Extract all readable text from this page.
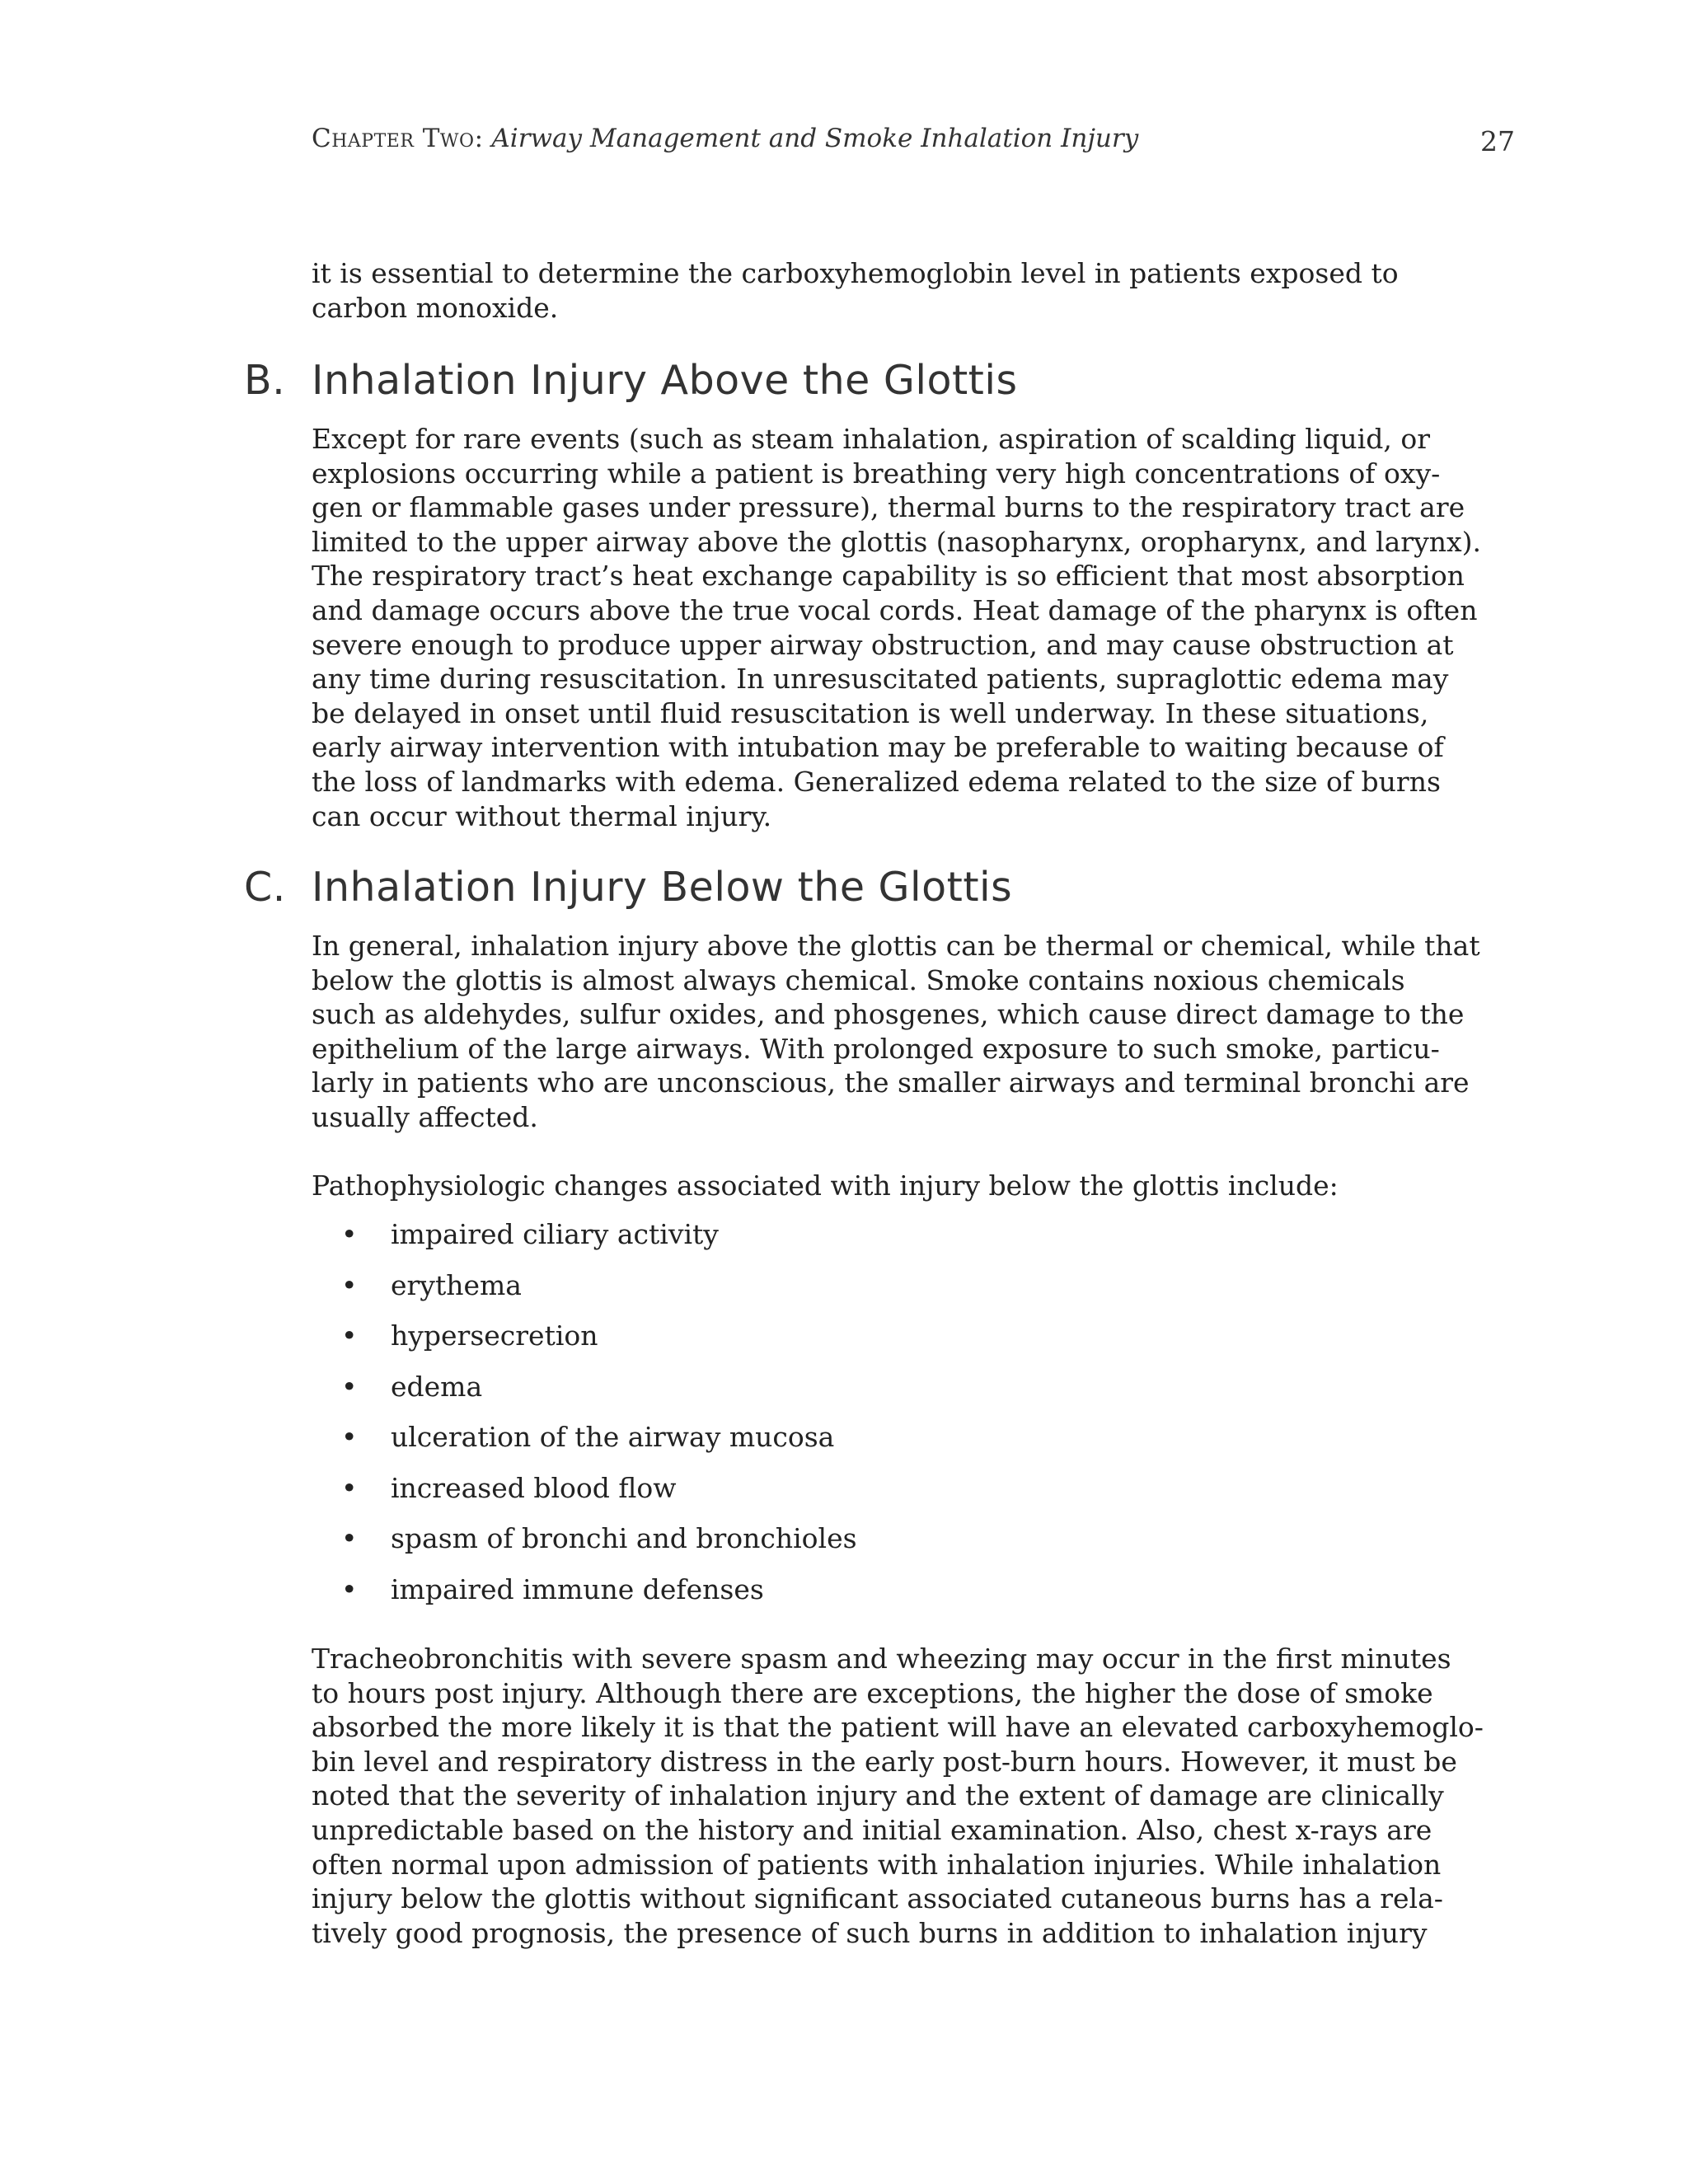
Chapter Two: Airway Management and Smoke Inhalation Injury	27
it is essential to determine the carboxyhemoglobin level in patients exposed to
carbon monoxide.
B. Inhalation Injury Above the Glottis
Except for rare events (such as steam inhalation, aspiration of scalding liquid, or
explosions occurring while a patient is breathing very high concentrations of oxy-
gen or flammable gases under pressure), thermal burns to the respiratory tract are
limited to the upper airway above the glottis (nasopharynx, oropharynx, and larynx).
The respiratory tract’s heat exchange capability is so efficient that most absorption
and damage occurs above the true vocal cords. Heat damage of the pharynx is often
severe enough to produce upper airway obstruction, and may cause obstruction at
any time during resuscitation. In unresuscitated patients, supraglottic edema may
be delayed in onset until fluid resuscitation is well underway. In these situations,
early airway intervention with intubation may be preferable to waiting because of
the loss of landmarks with edema. Generalized edema related to the size of burns
can occur without thermal injury.
C. Inhalation Injury Below the Glottis
In general, inhalation injury above the glottis can be thermal or chemical, while that
below the glottis is almost always chemical. Smoke contains noxious chemicals
such as aldehydes, sulfur oxides, and phosgenes, which cause direct damage to the
epithelium of the large airways. With prolonged exposure to such smoke, particu-
larly in patients who are unconscious, the smaller airways and terminal bronchi are
usually affected.
Pathophysiologic changes associated with injury below the glottis include:
•	impaired ciliary activity
•	erythema
•	hypersecretion
•	edema
•	ulceration of the airway mucosa
•	increased blood flow
•	spasm of bronchi and bronchioles
•	impaired immune defenses
Tracheobronchitis with severe spasm and wheezing may occur in the first minutes
to hours post injury. Although there are exceptions, the higher the dose of smoke
absorbed the more likely it is that the patient will have an elevated carboxyhemoglo-
bin level and respiratory distress in the early post-burn hours. However, it must be
noted that the severity of inhalation injury and the extent of damage are clinically
unpredictable based on the history and initial examination. Also, chest x-rays are
often normal upon admission of patients with inhalation injuries. While inhalation
injury below the glottis without significant associated cutaneous burns has a rela-
tively good prognosis, the presence of such burns in addition to inhalation injury
